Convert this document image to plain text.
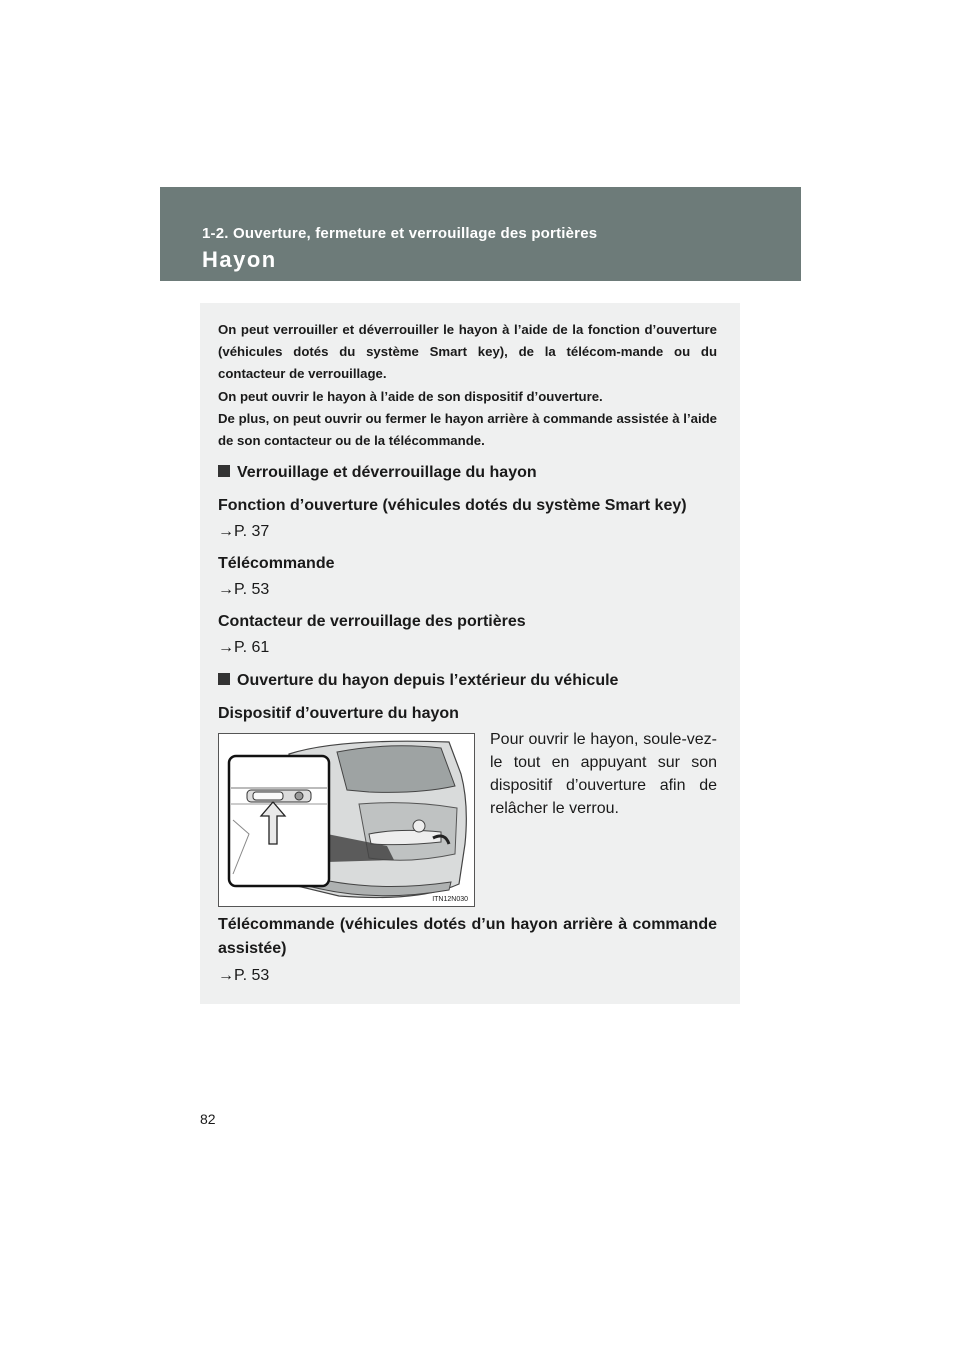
1-2. Ouverture, fermeture et verrouillage des portières
Hayon

On peut verrouiller et déverrouiller le hayon à l’aide de la fonction d’ouverture (véhicules dotés du système Smart key), de la télécom-mande ou du contacteur de verrouillage.

On peut ouvrir le hayon à l’aide de son dispositif d’ouverture.

De plus, on peut ouvrir ou fermer le hayon arrière à commande assistée à l’aide de son contacteur ou de la télécommande.

Verrouillage et déverrouillage du hayon
Fonction d’ouverture (véhicules dotés du système Smart key)
→P. 37
Télécommande
→P. 53
Contacteur de verrouillage des portières
→P. 61
Ouverture du hayon depuis l’extérieur du véhicule
Dispositif d’ouverture du hayon
ITN12N030
Pour ouvrir le hayon, soule-vez-le tout en appuyant sur son dispositif d’ouverture afin de relâcher le verrou.
Télécommande (véhicules dotés d’un hayon arrière à commande assistée)
→P. 53
82
